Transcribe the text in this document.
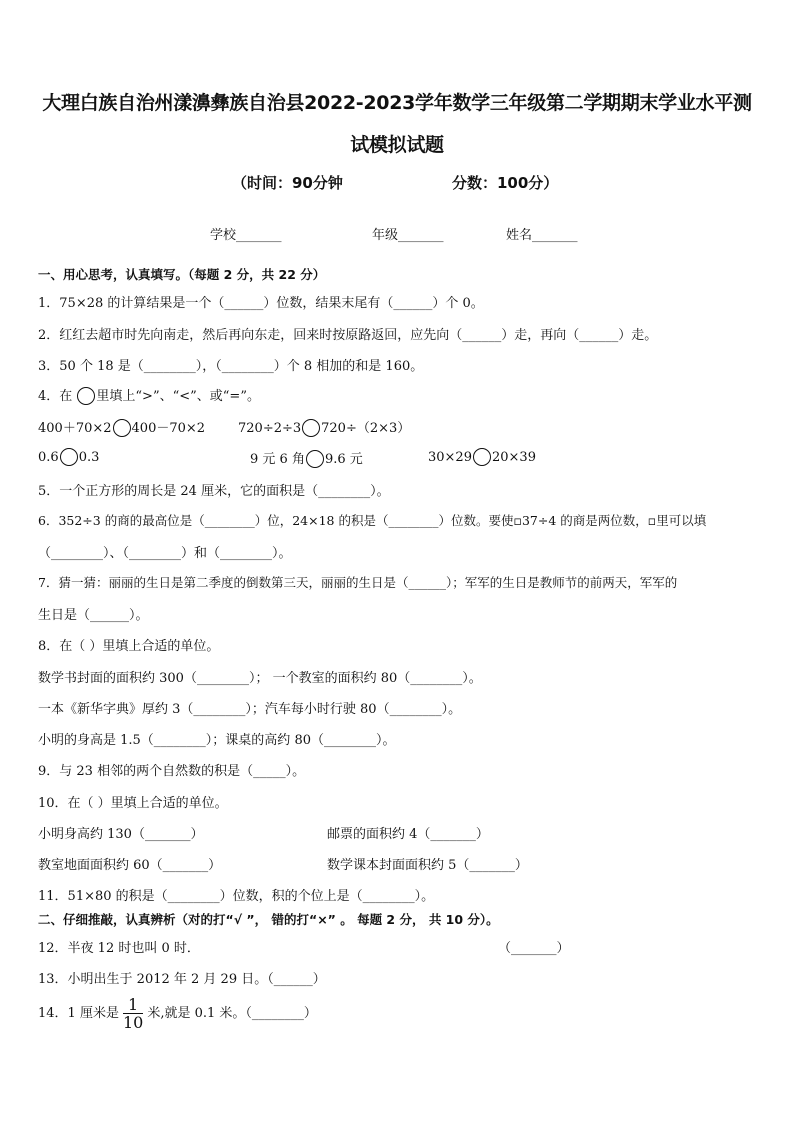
大理白族自治州漾濞彝族自治县2022-2023学年数学三年级第二学期期末学业水平测
试模拟试题
（时间：90分钟	分数：100分）
学校_______	年级_______	姓名_______
一、用心思考，认真填写。（每题 2 分，共 22 分）
1．75×28 的计算结果是一个（______）位数，结果末尾有（______）个 0。
2．红红去超市时先向南走，然后再向东走，回来时按原路返回，应先向（______）走，再向（______）走。
3．50 个 18 是（________），（________）个 8 相加的和是 160。
4．在 里填上“>”、“<”、或“=”。
400＋70×2 400－70×2	720÷2÷3 720÷（2×3）
0.6 0.3	9 元 6 角 9.6 元	30×29 20×39
5．一个正方形的周长是 24 厘米，它的面积是（________）。
6．352÷3 的商的最高位是（________）位，24×18 的积是（________）位数。要使▫37÷4 的商是两位数，▫里可以填
（________）、（________）和（________）。
7．猜一猜：丽丽的生日是第二季度的倒数第三天，丽丽的生日是（______）；军军的生日是教师节的前两天，军军的
生日是（______）。
8．在（ ）里填上合适的单位。
数学书封面的面积约 300（________）； 一个教室的面积约 80（________）。
一本《新华字典》厚约 3（________）；汽车每小时行驶 80（________）。
小明的身高是 1.5（________）；课桌的高约 80（________）。
9．与 23 相邻的两个自然数的积是（_____）。
10．在（ ）里填上合适的单位。
小明身高约 130（_______）	邮票的面积约 4（_______）
教室地面面积约 60（_______）	数学课本封面面积约 5（_______）
11．51×80 的积是（________）位数，积的个位上是（________）。
二、仔细推敲，认真辨析（对的打“√ ”， 错的打“×” 。 每题 2 分， 共 10 分）。
12．半夜 12 时也叫 0 时．	（_______）
13．小明出生于 2012 年 2 月 29 日。（______）
14．1 厘米是 $\frac{1}{10}$ 米,就是 0.1 米。（________）
